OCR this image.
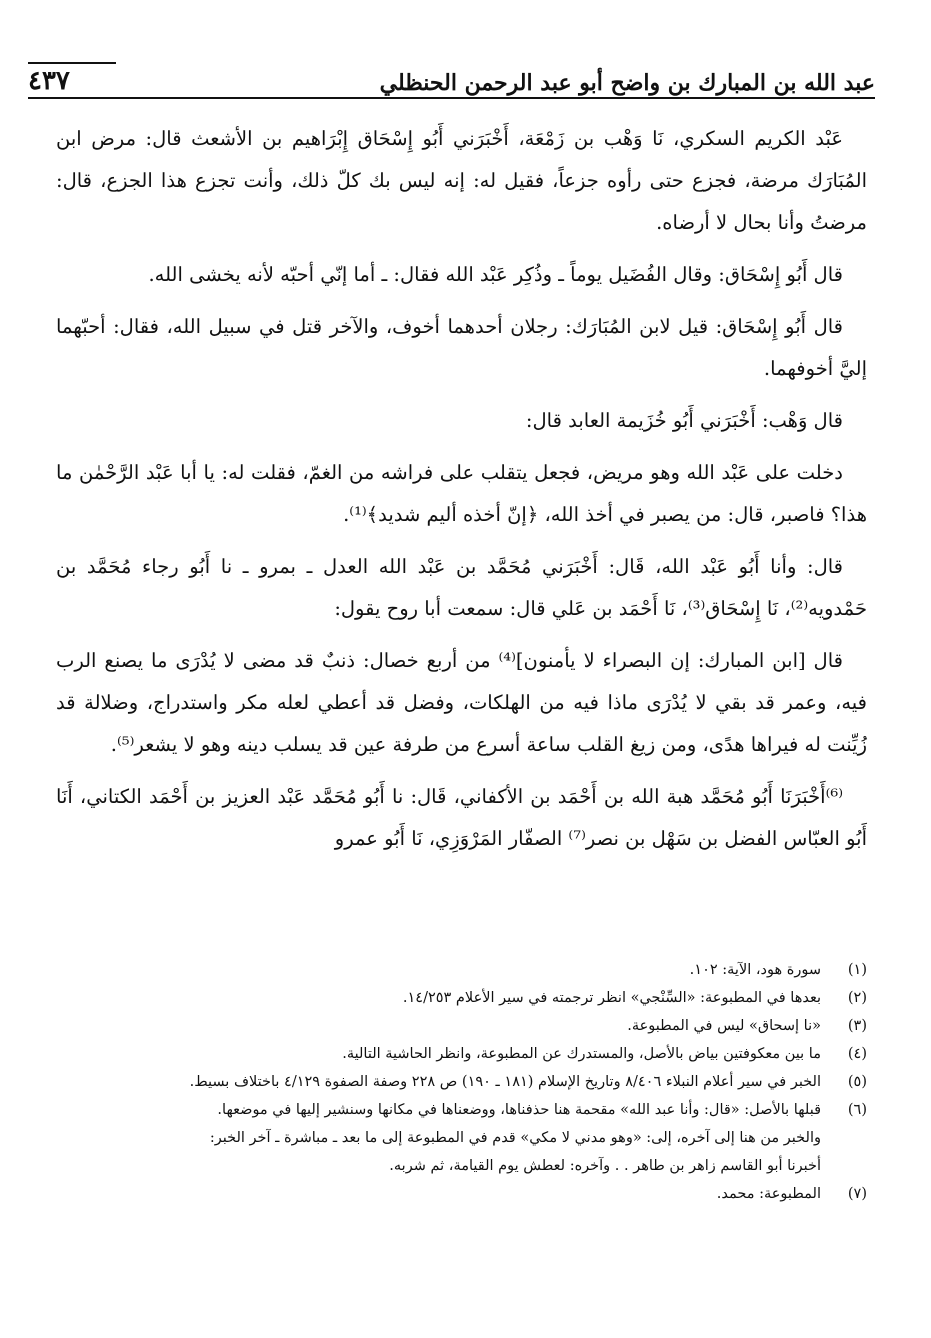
عبد الله بن المبارك بن واضح أبو عبد الرحمن الحنظلي
٤٣٧

عَبْد الكريم السكري، نَا وَهْب بن زَمْعَة، أَخْبَرَني أَبُو إِسْحَاق إِبْرَاهيم بن الأشعث قال: مرض ابن المُبَارَك مرضة، فجزع حتى رأوه جزعاً، فقيل له: إنه ليس بك كلّ ذلك، وأنت تجزع هذا الجزع، قال: مرضتُ وأنا بحال لا أرضاه.

قال أَبُو إِسْحَاق: وقال الفُضَيل يوماً ـ وذُكِر عَبْد الله فقال: ـ أما إنّي أحبّه لأنه يخشى الله.

قال أَبُو إِسْحَاق: قيل لابن المُبَارَك: رجلان أحدهما أخوف، والآخر قتل في سبيل الله، فقال: أحبّهما إليَّ أخوفهما.

قال وَهْب: أَخْبَرَني أَبُو خُزَيمة العابد قال:

دخلت على عَبْد الله وهو مريض، فجعل يتقلب على فراشه من الغمّ، فقلت له: يا أبا عَبْد الرَّحْمٰن ما هذا؟ فاصبر، قال: من يصبر في أخذ الله، ﴿إنّ أخذه أليم شديد﴾⁽¹⁾.

قال: وأنا أَبُو عَبْد الله، قَال: أَخْبَرَني مُحَمَّد بن عَبْد الله العدل ـ بمرو ـ نا أَبُو رجاء مُحَمَّد بن حَمْدويه⁽²⁾، نَا إِسْحَاق⁽³⁾، نَا أَحْمَد بن عَلي قال: سمعت أبا روح يقول:

قال [ابن المبارك: إن البصراء لا يأمنون]⁽⁴⁾ من أربع خصال: ذنبٌ قد مضى لا يُدْرَى ما يصنع الرب فيه، وعمر قد بقي لا يُدْرَى ماذا فيه من الهلكات، وفضل قد أعطي لعله مكر واستدراج، وضلالة قد زُيِّنت له فيراها هدًى، ومن زيغ القلب ساعة أسرع من طرفة عين قد يسلب دينه وهو لا يشعر⁽⁵⁾.

⁽⁶⁾أَخْبَرَنَا أَبُو مُحَمَّد هبة الله بن أَحْمَد بن الأكفاني، قَال: نا أَبُو مُحَمَّد عَبْد العزيز بن أَحْمَد الكتاني، أَنَا أَبُو العبّاس الفضل بن سَهْل بن نصر⁽⁷⁾ الصفّار المَرْوَزِي، نَا أَبُو عمرو

(١)
سورة هود، الآية: ١٠٢.
(٢)
بعدها في المطبوعة: «السِّنْجي» انظر ترجمته في سير الأعلام ١٤/٢٥٣.
(٣)
«نا إسحاق» ليس في المطبوعة.
(٤)
ما بين معكوفتين بياض بالأصل، والمستدرك عن المطبوعة، وانظر الحاشية التالية.
(٥)
الخبر في سير أعلام النبلاء ٨/٤٠٦ وتاريخ الإسلام (١٨١ ـ ١٩٠) ص ٢٢٨ وصفة الصفوة ٤/١٢٩ باختلاف بسيط.
(٦)
قبلها بالأصل: «قال: وأنا عبد الله» مقحمة هنا حذفناها، ووضعناها في مكانها وسنشير إليها في موضعها.
والخبر من هنا إلى آخره، إلى: «وهو مدني لا مكي» قدم في المطبوعة إلى ما بعد ـ مباشرة ـ آخر الخبر:
أخبرنا أبو القاسم زاهر بن طاهر . . وآخره: لعطش يوم القيامة، ثم شربه.
(٧)
المطبوعة: محمد.
